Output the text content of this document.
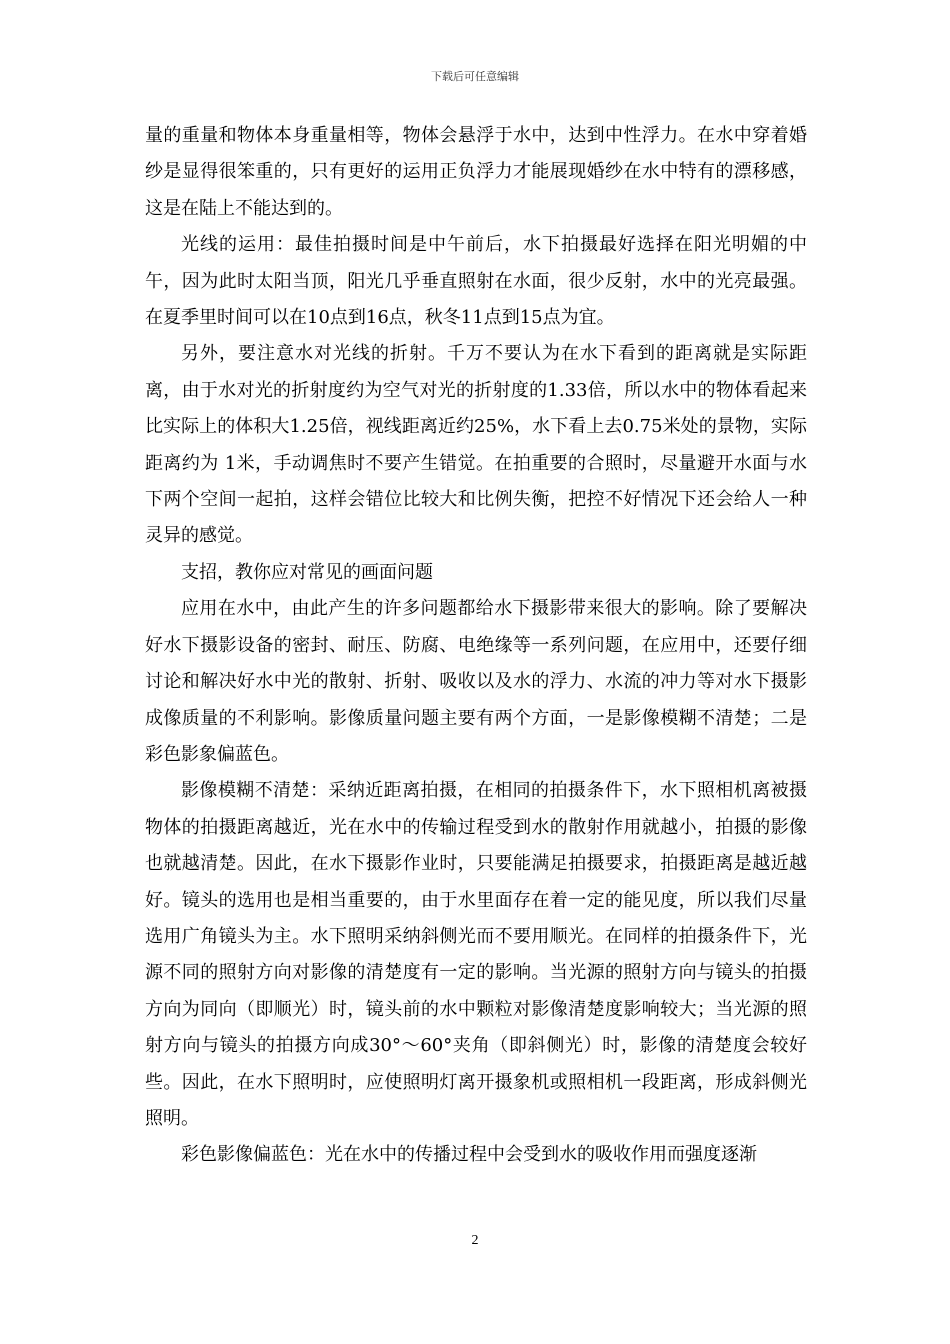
下载后可任意编辑

量的重量和物体本身重量相等，物体会悬浮于水中，达到中性浮力。在水中穿着婚纱是显得很笨重的，只有更好的运用正负浮力才能展现婚纱在水中特有的漂移感，这是在陆上不能达到的。

光线的运用：最佳拍摄时间是中午前后，水下拍摄最好选择在阳光明媚的中午，因为此时太阳当顶，阳光几乎垂直照射在水面，很少反射，水中的光亮最强。在夏季里时间可以在10点到16点，秋冬11点到15点为宜。

另外，要注意水对光线的折射。千万不要认为在水下看到的距离就是实际距离，由于水对光的折射度约为空气对光的折射度的1.33倍，所以水中的物体看起来比实际上的体积大1.25倍，视线距离近约25%，水下看上去0.75米处的景物，实际距离约为 1米，手动调焦时不要产生错觉。在拍重要的合照时，尽量避开水面与水下两个空间一起拍，这样会错位比较大和比例失衡，把控不好情况下还会给人一种灵异的感觉。

支招，教你应对常见的画面问题

应用在水中，由此产生的许多问题都给水下摄影带来很大的影响。除了要解决好水下摄影设备的密封、耐压、防腐、电绝缘等一系列问题，在应用中，还要仔细讨论和解决好水中光的散射、折射、吸收以及水的浮力、水流的冲力等对水下摄影成像质量的不利影响。影像质量问题主要有两个方面，一是影像模糊不清楚；二是彩色影象偏蓝色。

影像模糊不清楚：采纳近距离拍摄，在相同的拍摄条件下，水下照相机离被摄物体的拍摄距离越近，光在水中的传输过程受到水的散射作用就越小，拍摄的影像也就越清楚。因此，在水下摄影作业时，只要能满足拍摄要求，拍摄距离是越近越好。镜头的选用也是相当重要的，由于水里面存在着一定的能见度，所以我们尽量选用广角镜头为主。水下照明采纳斜侧光而不要用顺光。在同样的拍摄条件下，光源不同的照射方向对影像的清楚度有一定的影响。当光源的照射方向与镜头的拍摄方向为同向（即顺光）时，镜头前的水中颗粒对影像清楚度影响较大；当光源的照射方向与镜头的拍摄方向成30°～60°夹角（即斜侧光）时，影像的清楚度会较好些。因此，在水下照明时，应使照明灯离开摄象机或照相机一段距离，形成斜侧光照明。

彩色影像偏蓝色：光在水中的传播过程中会受到水的吸收作用而强度逐渐

2
